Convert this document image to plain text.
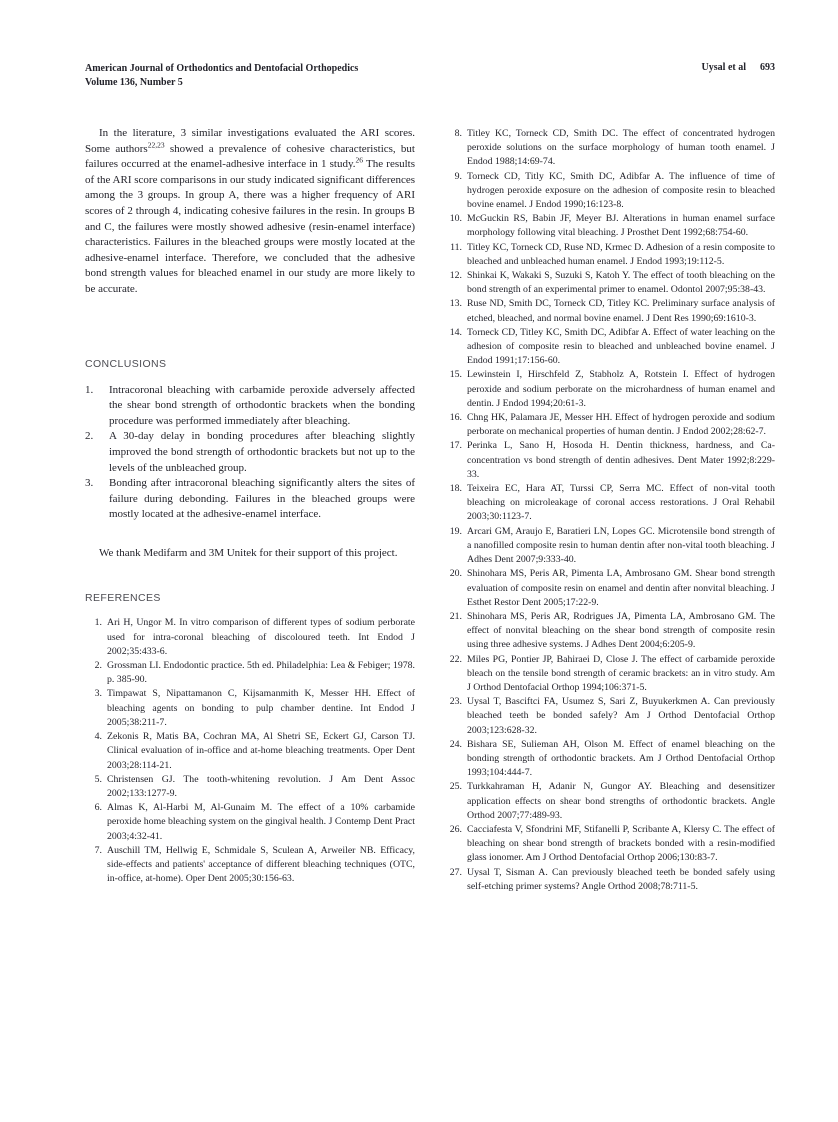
American Journal of Orthodontics and Dentofacial Orthopedics
Volume 136, Number 5
Uysal et al 693

In the literature, 3 similar investigations evaluated the ARI scores. Some authors$^{22,23}$ showed a prevalence of cohesive characteristics, but failures occurred at the enamel-adhesive interface in 1 study.$^{26}$ The results of the ARI score comparisons in our study indicated significant differences among the 3 groups. In group A, there was a higher frequency of ARI scores of 2 through 4, indicating cohesive failures in the resin. In groups B and C, the failures were mostly showed adhesive (resin-enamel interface) characteristics. Failures in the bleached groups were mostly located at the adhesive-enamel interface. Therefore, we concluded that the adhesive bond strength values for bleached enamel in our study are more likely to be accurate.

CONCLUSIONS
1.	Intracoronal bleaching with carbamide peroxide adversely affected the shear bond strength of orthodontic brackets when the bonding procedure was performed immediately after bleaching.
2.	A 30-day delay in bonding procedures after bleaching slightly improved the bond strength of orthodontic brackets but not up to the levels of the unbleached group.
3.	Bonding after intracoronal bleaching significantly alters the sites of failure during debonding. Failures in the bleached groups were mostly located at the adhesive-enamel interface.

We thank Medifarm and 3M Unitek for their support of this project.

REFERENCES
1. Ari H, Ungor M. In vitro comparison of different types of sodium perborate used for intra-coronal bleaching of discoloured teeth. Int Endod J 2002;35:433-6.
2. Grossman LI. Endodontic practice. 5th ed. Philadelphia: Lea & Febiger; 1978. p. 385-90.
3. Timpawat S, Nipattamanon C, Kijsamanmith K, Messer HH. Effect of bleaching agents on bonding to pulp chamber dentine. Int Endod J 2005;38:211-7.
4. Zekonis R, Matis BA, Cochran MA, Al Shetri SE, Eckert GJ, Carson TJ. Clinical evaluation of in-office and at-home bleaching treatments. Oper Dent 2003;28:114-21.
5. Christensen GJ. The tooth-whitening revolution. J Am Dent Assoc 2002;133:1277-9.
6. Almas K, Al-Harbi M, Al-Gunaim M. The effect of a 10% carbamide peroxide home bleaching system on the gingival health. J Contemp Dent Pract 2003;4:32-41.
7. Auschill TM, Hellwig E, Schmidale S, Sculean A, Arweiler NB. Efficacy, side-effects and patients' acceptance of different bleaching techniques (OTC, in-office, at-home). Oper Dent 2005;30:156-63.
8. Titley KC, Torneck CD, Smith DC. The effect of concentrated hydrogen peroxide solutions on the surface morphology of human tooth enamel. J Endod 1988;14:69-74.
9. Torneck CD, Titly KC, Smith DC, Adibfar A. The influence of time of hydrogen peroxide exposure on the adhesion of composite resin to bleached bovine enamel. J Endod 1990;16:123-8.
10. McGuckin RS, Babin JF, Meyer BJ. Alterations in human enamel surface morphology following vital bleaching. J Prosthet Dent 1992;68:754-60.
11. Titley KC, Torneck CD, Ruse ND, Krmec D. Adhesion of a resin composite to bleached and unbleached human enamel. J Endod 1993;19:112-5.
12. Shinkai K, Wakaki S, Suzuki S, Katoh Y. The effect of tooth bleaching on the bond strength of an experimental primer to enamel. Odontol 2007;95:38-43.
13. Ruse ND, Smith DC, Torneck CD, Titley KC. Preliminary surface analysis of etched, bleached, and normal bovine enamel. J Dent Res 1990;69:1610-3.
14. Torneck CD, Titley KC, Smith DC, Adibfar A. Effect of water leaching on the adhesion of composite resin to bleached and unbleached bovine enamel. J Endod 1991;17:156-60.
15. Lewinstein I, Hirschfeld Z, Stabholz A, Rotstein I. Effect of hydrogen peroxide and sodium perborate on the microhardness of human enamel and dentin. J Endod 1994;20:61-3.
16. Chng HK, Palamara JE, Messer HH. Effect of hydrogen peroxide and sodium perborate on mechanical properties of human dentin. J Endod 2002;28:62-7.
17. Perinka L, Sano H, Hosoda H. Dentin thickness, hardness, and Ca-concentration vs bond strength of dentin adhesives. Dent Mater 1992;8:229-33.
18. Teixeira EC, Hara AT, Turssi CP, Serra MC. Effect of non-vital tooth bleaching on microleakage of coronal access restorations. J Oral Rehabil 2003;30:1123-7.
19. Arcari GM, Araujo E, Baratieri LN, Lopes GC. Microtensile bond strength of a nanofilled composite resin to human dentin after non-vital tooth bleaching. J Adhes Dent 2007;9:333-40.
20. Shinohara MS, Peris AR, Pimenta LA, Ambrosano GM. Shear bond strength evaluation of composite resin on enamel and dentin after nonvital bleaching. J Esthet Restor Dent 2005;17:22-9.
21. Shinohara MS, Peris AR, Rodrigues JA, Pimenta LA, Ambrosano GM. The effect of nonvital bleaching on the shear bond strength of composite resin using three adhesive systems. J Adhes Dent 2004;6:205-9.
22. Miles PG, Pontier JP, Bahiraei D, Close J. The effect of carbamide peroxide bleach on the tensile bond strength of ceramic brackets: an in vitro study. Am J Orthod Dentofacial Orthop 1994;106:371-5.
23. Uysal T, Basciftci FA, Usumez S, Sari Z, Buyukerkmen A. Can previously bleached teeth be bonded safely? Am J Orthod Dentofacial Orthop 2003;123:628-32.
24. Bishara SE, Sulieman AH, Olson M. Effect of enamel bleaching on the bonding strength of orthodontic brackets. Am J Orthod Dentofacial Orthop 1993;104:444-7.
25. Turkkahraman H, Adanir N, Gungor AY. Bleaching and desensitizer application effects on shear bond strengths of orthodontic brackets. Angle Orthod 2007;77:489-93.
26. Cacciafesta V, Sfondrini MF, Stifanelli P, Scribante A, Klersy C. The effect of bleaching on shear bond strength of brackets bonded with a resin-modified glass ionomer. Am J Orthod Dentofacial Orthop 2006;130:83-7.
27. Uysal T, Sisman A. Can previously bleached teeth be bonded safely using self-etching primer systems? Angle Orthod 2008;78:711-5.
